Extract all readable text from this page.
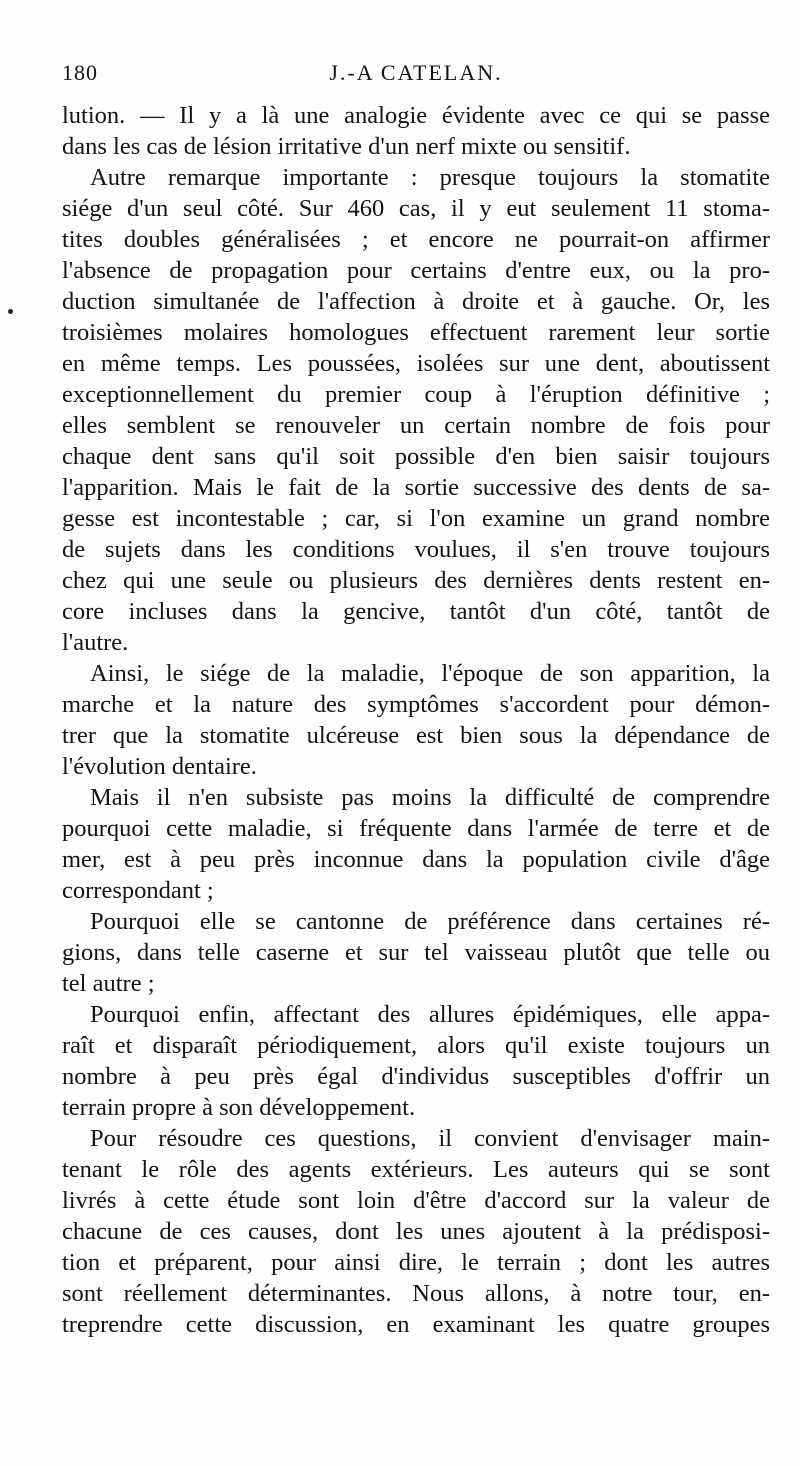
180	J.-A CATELAN.
lution. — Il y a là une analogie évidente avec ce qui se passe
dans les cas de lésion irritative d'un nerf mixte ou sensitif.
Autre remarque importante : presque toujours la stomatite
siége d'un seul côté. Sur 460 cas, il y eut seulement 11 stoma-
tites doubles généralisées ; et encore ne pourrait-on affirmer
l'absence de propagation pour certains d'entre eux, ou la pro-
duction simultanée de l'affection à droite et à gauche. Or, les
troisièmes molaires homologues effectuent rarement leur sortie
en même temps. Les poussées, isolées sur une dent, aboutissent
exceptionnellement du premier coup à l'éruption définitive ;
elles semblent se renouveler un certain nombre de fois pour
chaque dent sans qu'il soit possible d'en bien saisir toujours
l'apparition. Mais le fait de la sortie successive des dents de sa-
gesse est incontestable ; car, si l'on examine un grand nombre
de sujets dans les conditions voulues, il s'en trouve toujours
chez qui une seule ou plusieurs des dernières dents restent en-
core incluses dans la gencive, tantôt d'un côté, tantôt de
l'autre.
Ainsi, le siége de la maladie, l'époque de son apparition, la
marche et la nature des symptômes s'accordent pour démon-
trer que la stomatite ulcéreuse est bien sous la dépendance de
l'évolution dentaire.
Mais il n'en subsiste pas moins la difficulté de comprendre
pourquoi cette maladie, si fréquente dans l'armée de terre et de
mer, est à peu près inconnue dans la population civile d'âge
correspondant ;
Pourquoi elle se cantonne de préférence dans certaines ré-
gions, dans telle caserne et sur tel vaisseau plutôt que telle ou
tel autre ;
Pourquoi enfin, affectant des allures épidémiques, elle appa-
raît et disparaît périodiquement, alors qu'il existe toujours un
nombre à peu près égal d'individus susceptibles d'offrir un
terrain propre à son développement.
Pour résoudre ces questions, il convient d'envisager main-
tenant le rôle des agents extérieurs. Les auteurs qui se sont
livrés à cette étude sont loin d'être d'accord sur la valeur de
chacune de ces causes, dont les unes ajoutent à la prédisposi-
tion et préparent, pour ainsi dire, le terrain ; dont les autres
sont réellement déterminantes. Nous allons, à notre tour, en-
treprendre cette discussion, en examinant les quatre groupes
